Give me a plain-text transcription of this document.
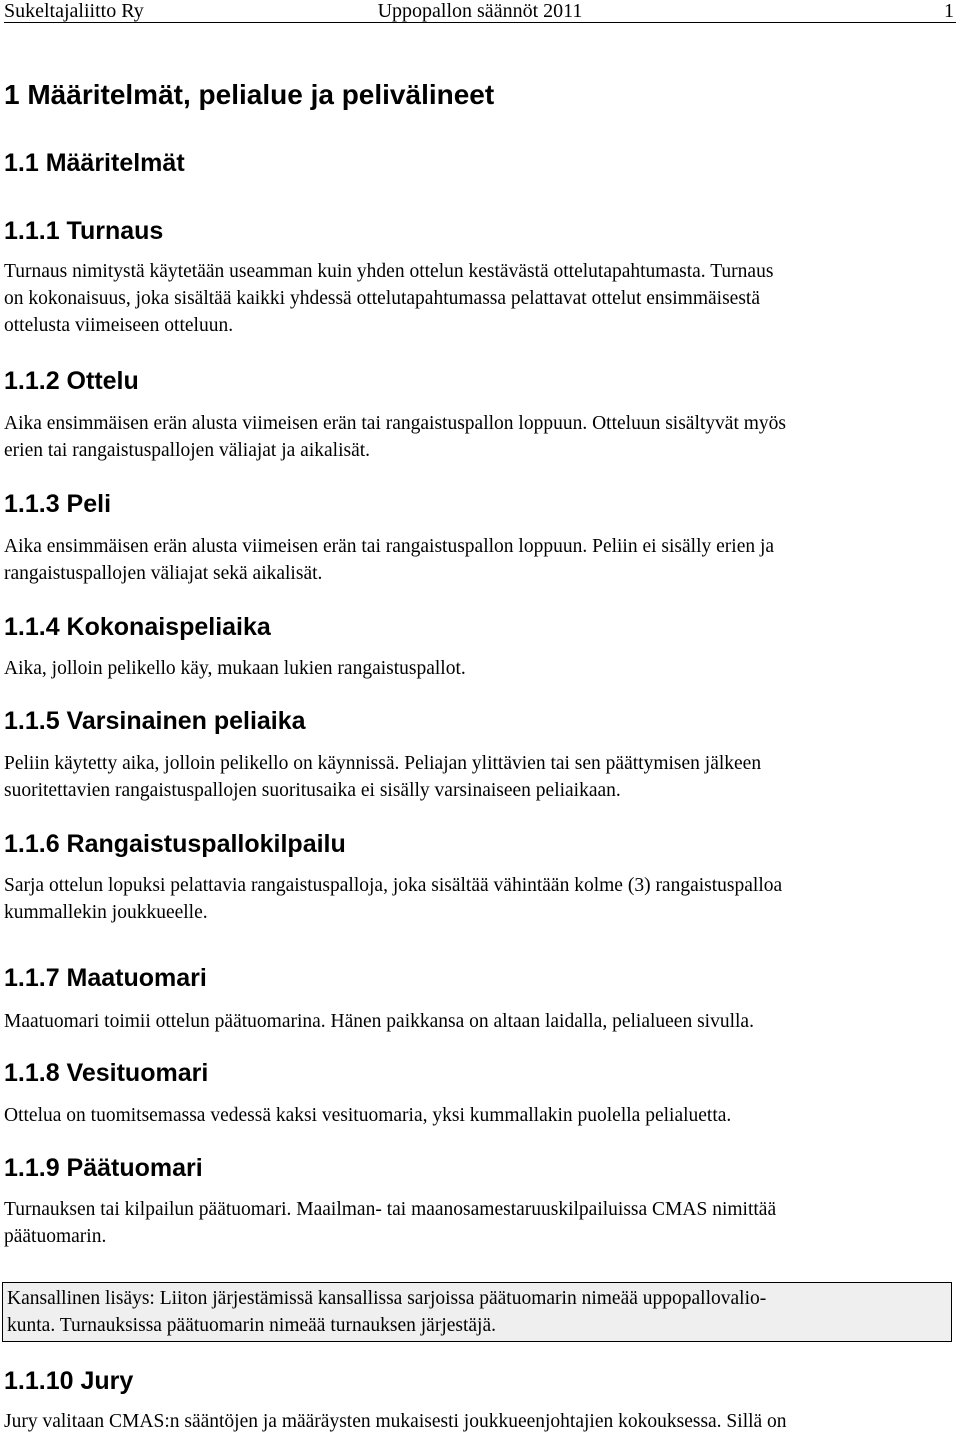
Sukeltajaliitto Ry	Uppopallon säännöt 2011	1
1 Määritelmät, pelialue ja pelivälineet
1.1 Määritelmät
1.1.1 Turnaus
Turnaus nimitystä käytetään useamman kuin yhden ottelun kestävästä ottelutapahtumasta. Turnaus
on kokonaisuus, joka sisältää kaikki yhdessä ottelutapahtumassa pelattavat ottelut ensimmäisestä
ottelusta viimeiseen otteluun.
1.1.2 Ottelu
Aika ensimmäisen erän alusta viimeisen erän tai rangaistuspallon loppuun. Otteluun sisältyvät myös
erien tai rangaistuspallojen väliajat ja aikalisät.
1.1.3 Peli
Aika ensimmäisen erän alusta viimeisen erän tai rangaistuspallon loppuun. Peliin ei sisälly erien ja
rangaistuspallojen väliajat sekä aikalisät.
1.1.4 Kokonaispeliaika
Aika, jolloin pelikello käy, mukaan lukien rangaistuspallot.
1.1.5 Varsinainen peliaika
Peliin käytetty aika, jolloin pelikello on käynnissä. Peliajan ylittävien tai sen päättymisen jälkeen
suoritettavien rangaistuspallojen suoritusaika ei sisälly varsinaiseen peliaikaan.
1.1.6 Rangaistuspallokilpailu
Sarja ottelun lopuksi pelattavia rangaistuspalloja, joka sisältää vähintään kolme (3) rangaistuspalloa
kummallekin joukkueelle.
1.1.7 Maatuomari
Maatuomari toimii ottelun päätuomarina. Hänen paikkansa on altaan laidalla, pelialueen sivulla.
1.1.8 Vesituomari
Ottelua on tuomitsemassa vedessä kaksi vesituomaria, yksi kummallakin puolella pelialuetta.
1.1.9 Päätuomari
Turnauksen tai kilpailun päätuomari. Maailman- tai maanosamestaruuskilpailuissa CMAS nimittää
päätuomarin.
Kansallinen lisäys: Liiton järjestämissä kansallissa sarjoissa päätuomarin nimeää uppopallovalio-
kunta. Turnauksissa päätuomarin nimeää turnauksen järjestäjä.
1.1.10 Jury
Jury valitaan CMAS:n sääntöjen ja määräysten mukaisesti joukkueenjohtajien kokouksessa. Sillä on
